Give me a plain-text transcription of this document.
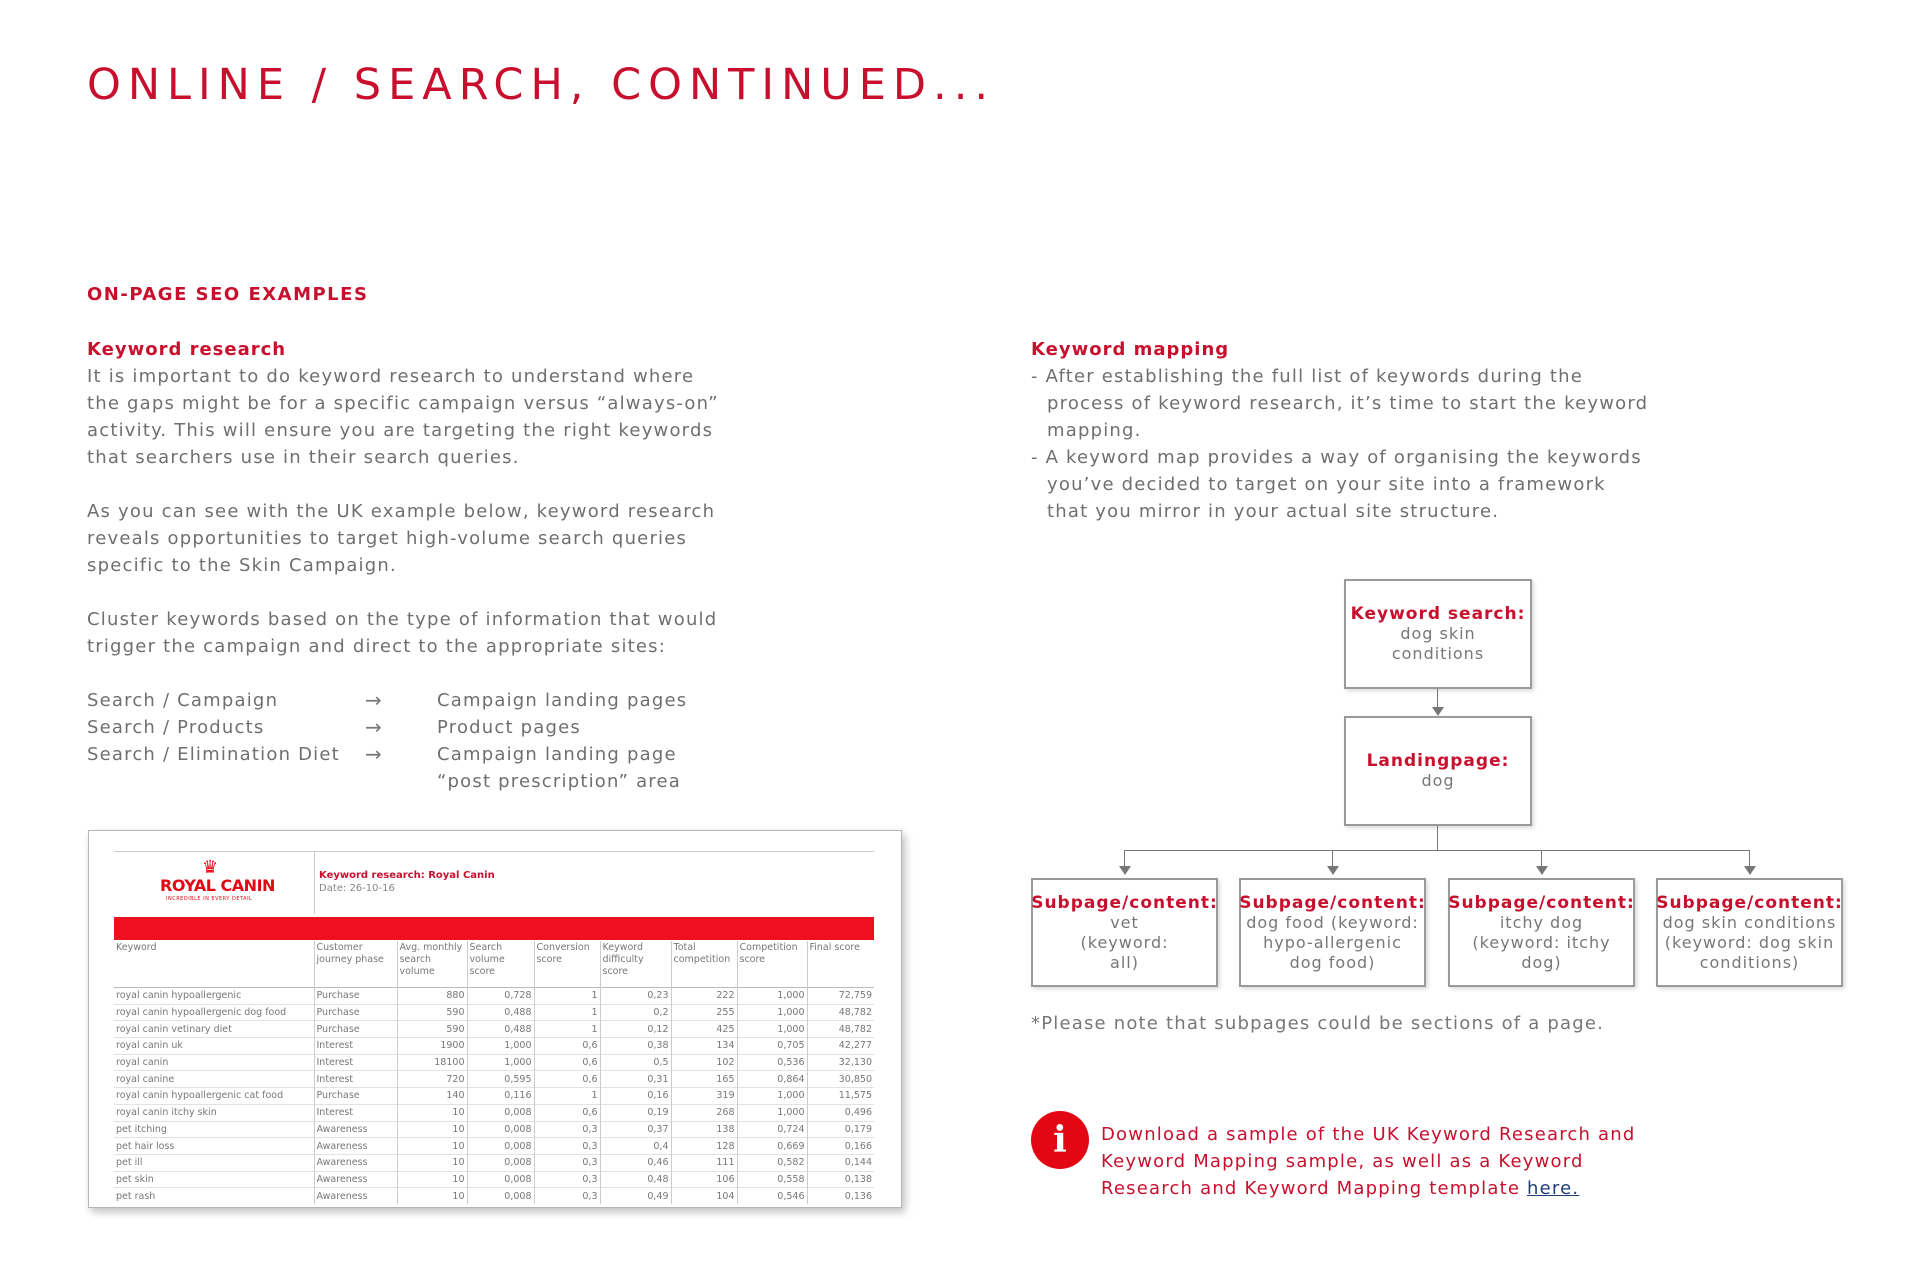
ONLINE / SEARCH, CONTINUED...
ON-PAGE SEO EXAMPLES
Keyword research

It is important to do keyword research to understand where the gaps might be for a specific campaign versus “always-on” activity. This will ensure you are targeting the right keywords that searchers use in their search queries.

As you can see with the UK example below, keyword research reveals opportunities to target high-volume search queries specific to the Skin Campaign.

Cluster keywords based on the type of information that would trigger the campaign and direct to the appropriate sites:

Search / Campaign	→	Campaign landing pages
Search / Products	→	Product pages
Search / Elimination Diet →	Campaign landing page
“post prescription” area
♛
ROYAL CANIN
INCREDIBLE IN EVERY DETAIL
Keyword research: Royal Canin
Date: 26-10-16
Keyword	Customer journey phase	Avg. monthly search volume	Search volume score	Conversion score	Keyword difficulty score	Total competition	Competition score	Final score
royal canin hypoallergenic	Purchase	880	0,728	1	0,23	222	1,000	72,759
royal canin hypoallergenic dog food	Purchase	590	0,488	1	0,2	255	1,000	48,782
royal canin vetinary diet	Purchase	590	0,488	1	0,12	425	1,000	48,782
royal canin uk	Interest	1900	1,000	0,6	0,38	134	0,705	42,277
royal canin	Interest	18100	1,000	0,6	0,5	102	0,536	32,130
royal canine	Interest	720	0,595	0,6	0,31	165	0,864	30,850
royal canin hypoallergenic cat food	Purchase	140	0,116	1	0,16	319	1,000	11,575
royal canin itchy skin	Interest	10	0,008	0,6	0,19	268	1,000	0,496
pet itching	Awareness	10	0,008	0,3	0,37	138	0,724	0,179
pet hair loss	Awareness	10	0,008	0,3	0,4	128	0,669	0,166
pet ill	Awareness	10	0,008	0,3	0,46	111	0,582	0,144
pet skin	Awareness	10	0,008	0,3	0,48	106	0,558	0,138
pet rash	Awareness	10	0,008	0,3	0,49	104	0,546	0,136
Keyword mapping

- After establishing the full list of keywords during the process of keyword research, it’s time to start the keyword mapping.

- A keyword map provides a way of organising the keywords you’ve decided to target on your site into a framework that you mirror in your actual site structure.

Keyword search:
dog skin conditions
Landingpage:
dog
Subpage/content:
vet (keyword: all)
Subpage/content:
dog food (keyword: hypo-allergenic dog food)
Subpage/content:
itchy dog (keyword: itchy dog)
Subpage/content:
dog skin conditions (keyword: dog skin conditions)
*Please note that subpages could be sections of a page.
i	Download a sample of the UK Keyword Research and Keyword Mapping sample, as well as a Keyword Research and Keyword Mapping template here.
